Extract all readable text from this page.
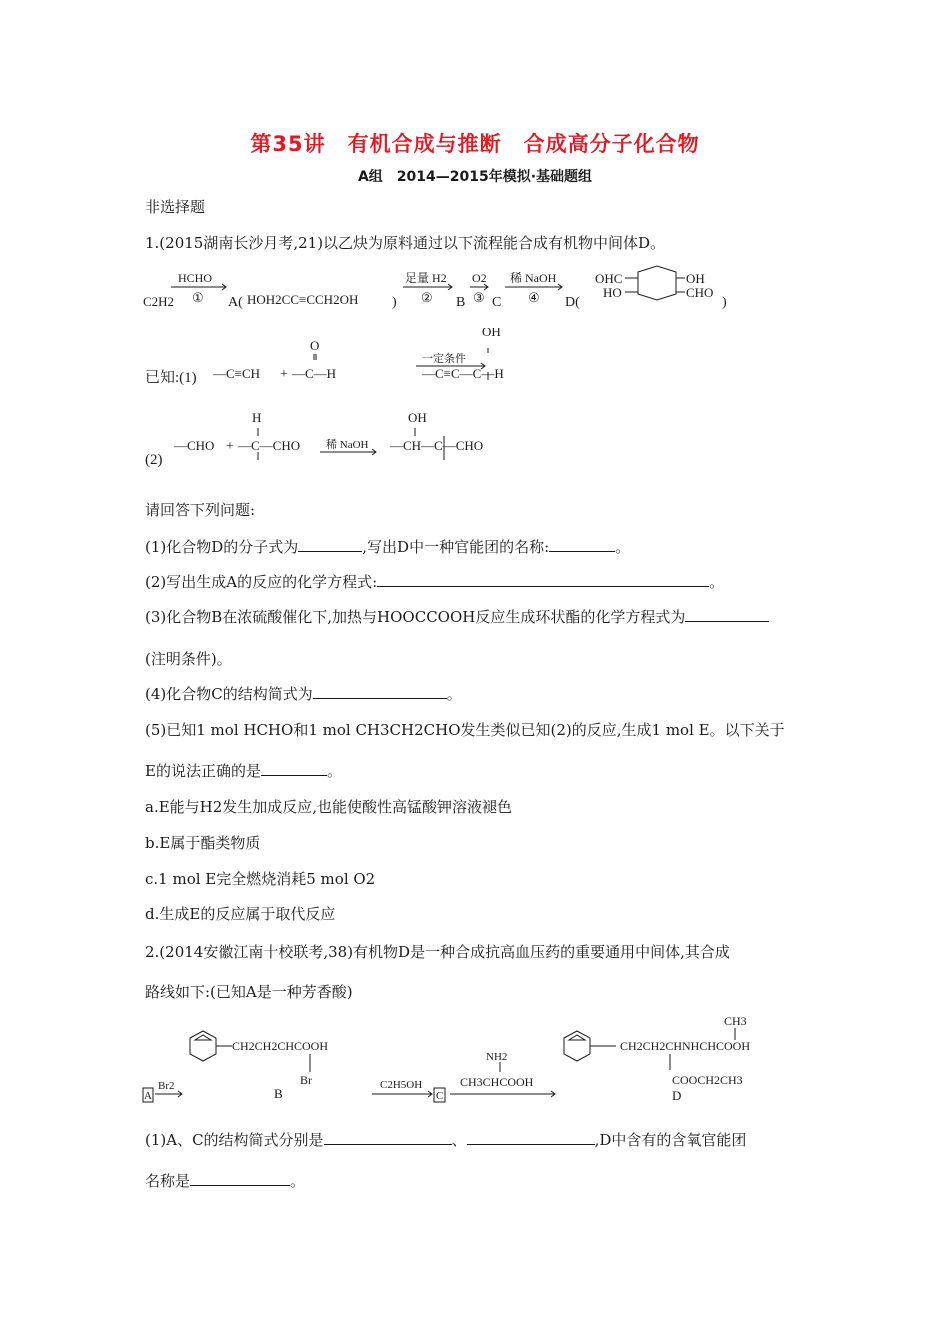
第35讲　有机合成与推断　合成高分子化合物
A组　2014—2015年模拟·基础题组
非选择题
1.(2015湖南长沙月考,21)以乙炔为原料通过以下流程能合成有机物中间体D。
HCHO
①
C2H2	A( HOH2CC≡CCH2OH )
足量 H2
② B
O2
③ C
稀 NaOH
④ D(
OHC
HO
OH
CHO
)
已知:(1) —C≡CH +
O
—C—H
一定条件
—C≡C—C—H
OH
(2)
—CHO +
H
—C—CHO 稀 NaOH
OH
—CH—C—CHO
请回答下列问题:
(1)化合物D的分子式为	,写出D中一种官能团的名称:	。
(2)写出生成A的反应的化学方程式:	。
(3)化合物B在浓硫酸催化下,加热与HOOCCOOH反应生成环状酯的化学方程式为
(注明条件)。
(4)化合物C的结构简式为	。
(5)已知1 mol HCHO和1 mol CH3CH2CHO发生类似已知(2)的反应,生成1 mol E。以下关于
E的说法正确的是	。
a.E能与H2发生加成反应,也能使酸性高锰酸钾溶液褪色
b.E属于酯类物质
c.1 mol E完全燃烧消耗5 mol O2
d.生成E的反应属于取代反应
2.(2014安徽江南十校联考,38)有机物D是一种合成抗高血压药的重要通用中间体,其合成
路线如下:(已知A是一种芳香酸)
CH2CH2CHCOOH
Br
B
A
Br2	C2H5OH
C
NH2
CH3CHCOOH
CH3
CH2CH2CHNHCHCOOH
COOCH2CH3
D
(1)A、C的结构简式分别是	、	,D中含有的含氧官能团
名称是	。
